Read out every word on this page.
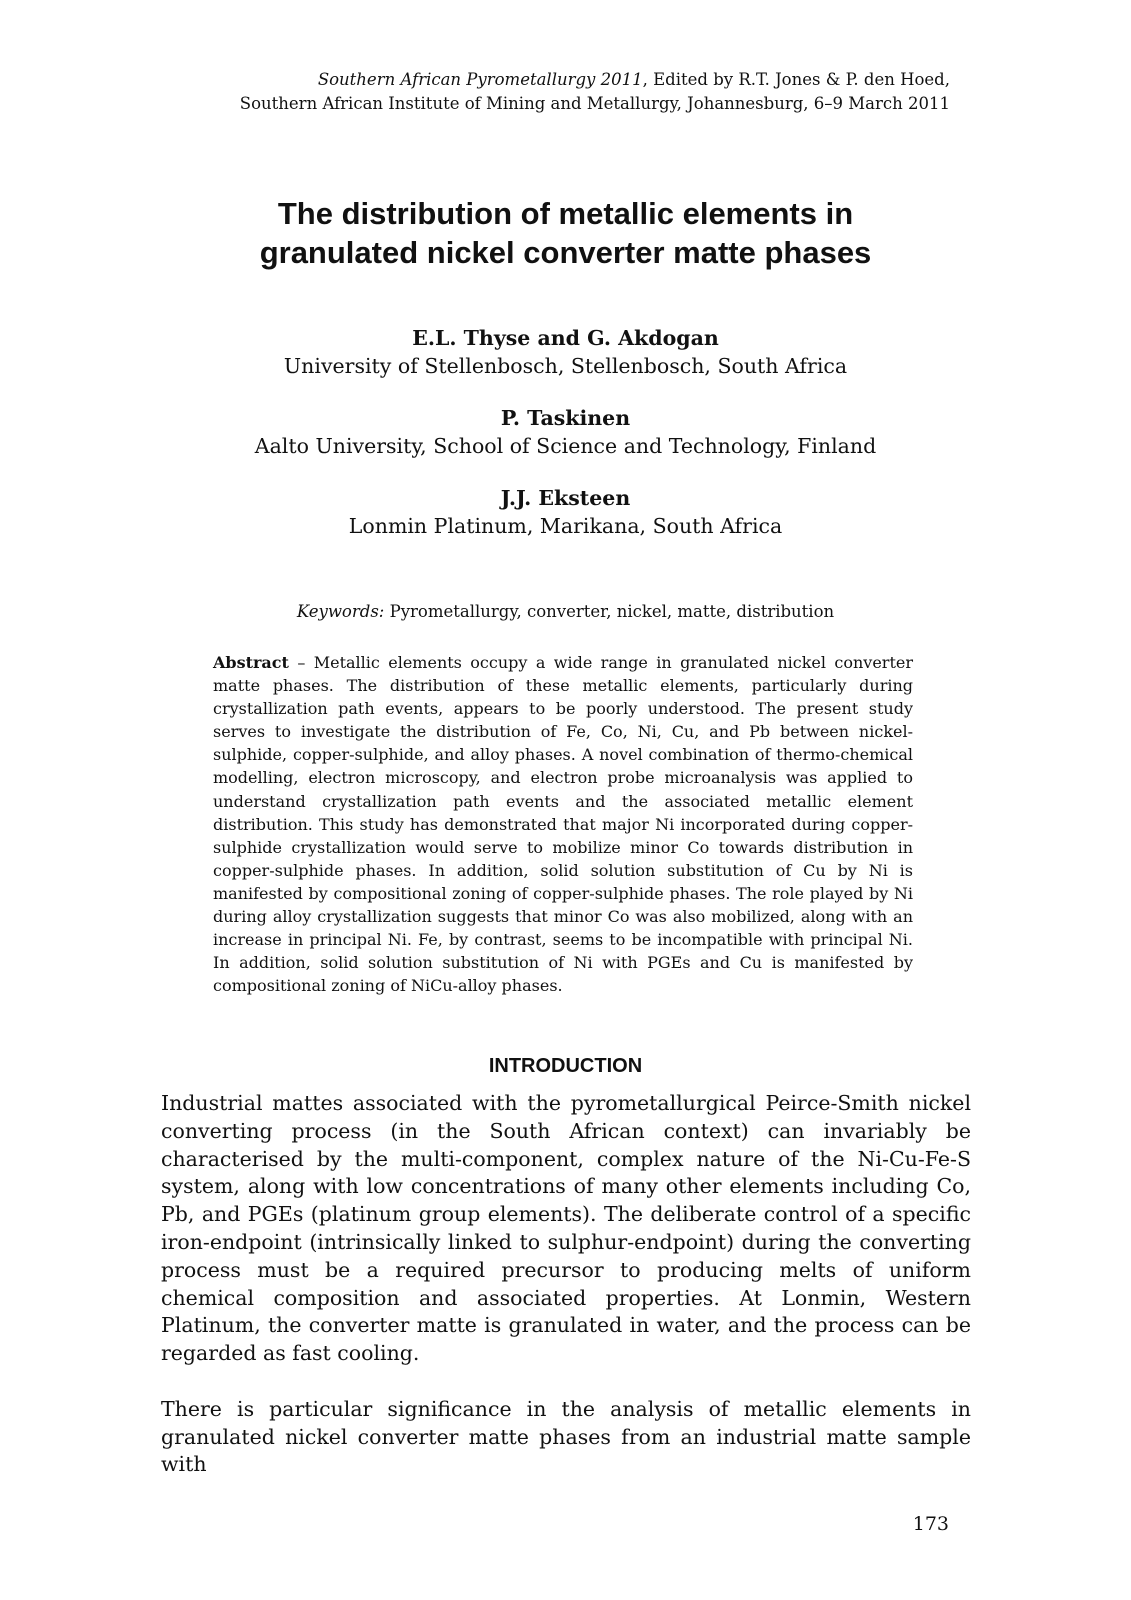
Southern African Pyrometallurgy 2011, Edited by R.T. Jones & P. den Hoed,
Southern African Institute of Mining and Metallurgy, Johannesburg, 6–9 March 2011
The distribution of metallic elements in
granulated nickel converter matte phases
E.L. Thyse and G. Akdogan
University of Stellenbosch, Stellenbosch, South Africa
P. Taskinen
Aalto University, School of Science and Technology, Finland
J.J. Eksteen
Lonmin Platinum, Marikana, South Africa
Keywords: Pyrometallurgy, converter, nickel, matte, distribution
Abstract – Metallic elements occupy a wide range in granulated nickel converter matte phases. The distribution of these metallic elements, particularly during crystallization path events, appears to be poorly understood. The present study serves to investigate the distribution of Fe, Co, Ni, Cu, and Pb between nickel-sulphide, copper-sulphide, and alloy phases. A novel combination of thermo-chemical modelling, electron microscopy, and electron probe microanalysis was applied to understand crystallization path events and the associated metallic element distribution. This study has demonstrated that major Ni incorporated during copper-sulphide crystallization would serve to mobilize minor Co towards distribution in copper-sulphide phases. In addition, solid solution substitution of Cu by Ni is manifested by compositional zoning of copper-sulphide phases. The role played by Ni during alloy crystallization suggests that minor Co was also mobilized, along with an increase in principal Ni. Fe, by contrast, seems to be incompatible with principal Ni. In addition, solid solution substitution of Ni with PGEs and Cu is manifested by compositional zoning of NiCu-alloy phases.
INTRODUCTION

Industrial mattes associated with the pyrometallurgical Peirce-Smith nickel converting process (in the South African context) can invariably be characterised by the multi-component, complex nature of the Ni-Cu-Fe-S system, along with low concentrations of many other elements including Co, Pb, and PGEs (platinum group elements). The deliberate control of a specific iron-endpoint (intrinsically linked to sulphur-endpoint) during the converting process must be a required precursor to producing melts of uniform chemical composition and associated properties. At Lonmin, Western Platinum, the converter matte is granulated in water, and the process can be regarded as fast cooling.

There is particular significance in the analysis of metallic elements in granulated nickel converter matte phases from an industrial matte sample with

173
